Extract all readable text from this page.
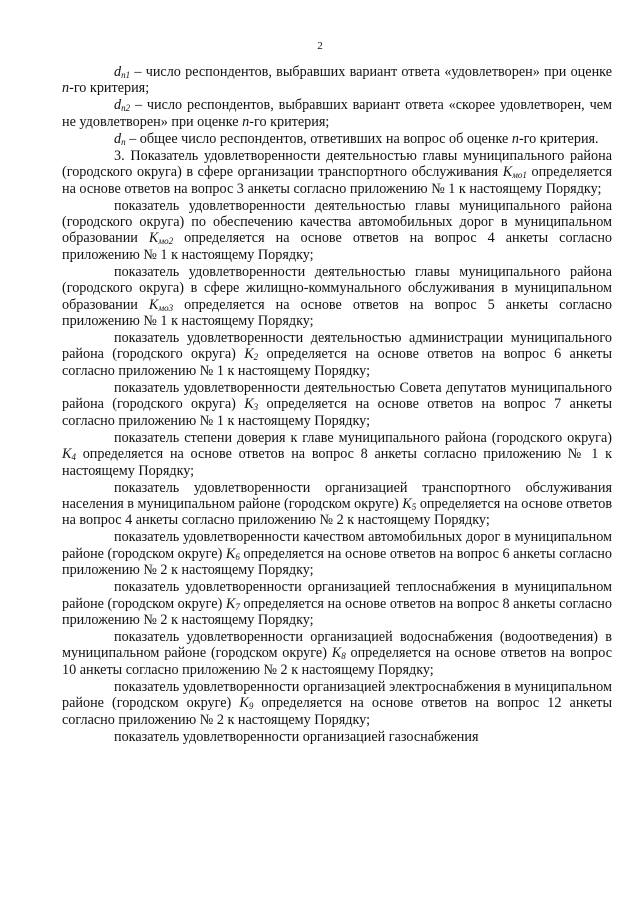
2

$d_{n1}$ – число респондентов, выбравших вариант ответа «удовлетворен» при оценке n-го критерия;

$d_{n2}$ – число респондентов, выбравших вариант ответа «скорее удовлетворен, чем не удовлетворен» при оценке n-го критерия;

$d_n$ – общее число респондентов, ответивших на вопрос об оценке n-го критерия.

3. Показатель удовлетворенности деятельностью главы муниципального района (городского округа) в сфере организации транспортного обслуживания $K_{мо1}$ определяется на основе ответов на вопрос 3 анкеты согласно приложению № 1 к настоящему Порядку;

показатель удовлетворенности деятельностью главы муниципального района (городского округа) по обеспечению качества автомобильных дорог в муниципальном образовании $K_{мо2}$ определяется на основе ответов на вопрос 4 анкеты согласно приложению № 1 к настоящему Порядку;

показатель удовлетворенности деятельностью главы муниципального района (городского округа) в сфере жилищно-коммунального обслуживания в муниципальном образовании $K_{мо3}$ определяется на основе ответов на вопрос 5 анкеты согласно приложению № 1 к настоящему Порядку;

показатель удовлетворенности деятельностью администрации муниципального района (городского округа) $K_2$ определяется на основе ответов на вопрос 6 анкеты согласно приложению № 1 к настоящему Порядку;

показатель удовлетворенности деятельностью Совета депутатов муниципального района (городского округа) $K_3$ определяется на основе ответов на вопрос 7 анкеты согласно приложению № 1 к настоящему Порядку;

показатель степени доверия к главе муниципального района (городского округа) $K_4$ определяется на основе ответов на вопрос 8 анкеты согласно приложению № 1 к настоящему Порядку;

показатель удовлетворенности организацией транспортного обслуживания населения в муниципальном районе (городском округе) $K_5$ определяется на основе ответов на вопрос 4 анкеты согласно приложению № 2 к настоящему Порядку;

показатель удовлетворенности качеством автомобильных дорог в муниципальном районе (городском округе) $K_6$ определяется на основе ответов на вопрос 6 анкеты согласно приложению № 2 к настоящему Порядку;

показатель удовлетворенности организацией теплоснабжения в муниципальном районе (городском округе) $K_7$ определяется на основе ответов на вопрос 8 анкеты согласно приложению № 2 к настоящему Порядку;

показатель удовлетворенности организацией водоснабжения (водоотведения) в муниципальном районе (городском округе) $K_8$ определяется на основе ответов на вопрос 10 анкеты согласно приложению № 2 к настоящему Порядку;

показатель удовлетворенности организацией электроснабжения в муниципальном районе (городском округе) $K_9$ определяется на основе ответов на вопрос 12 анкеты согласно приложению № 2 к настоящему Порядку;

показатель удовлетворенности организацией газоснабжения
